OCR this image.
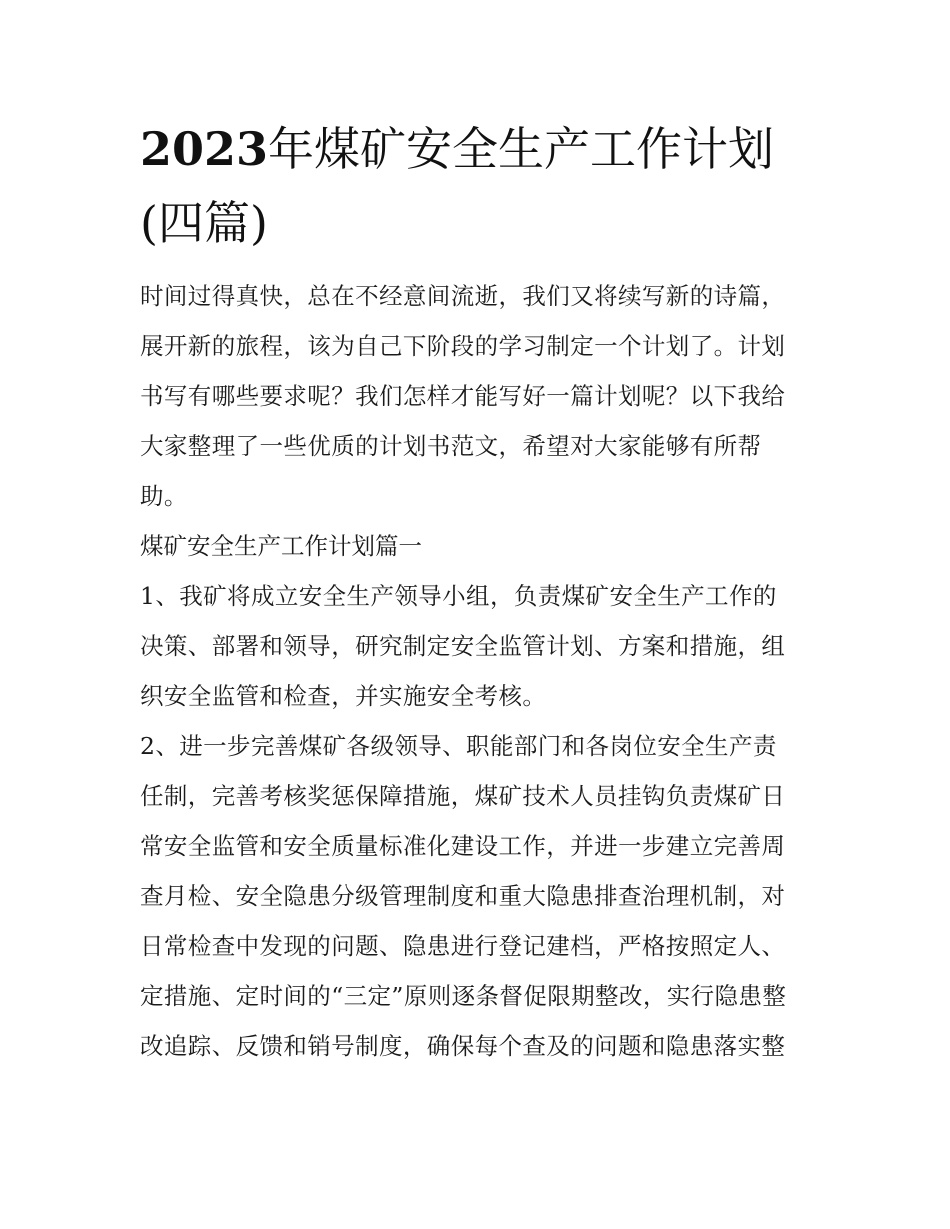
2023年煤矿安全生产工作计划
(四篇)

时间过得真快，总在不经意间流逝，我们又将续写新的诗篇，
展开新的旅程，该为自己下阶段的学习制定一个计划了。计划
书写有哪些要求呢？我们怎样才能写好一篇计划呢？以下我给
大家整理了一些优质的计划书范文，希望对大家能够有所帮
助。

煤矿安全生产工作计划篇一

1、我矿将成立安全生产领导小组，负责煤矿安全生产工作的
决策、部署和领导，研究制定安全监管计划、方案和措施，组
织安全监管和检查，并实施安全考核。

2、进一步完善煤矿各级领导、职能部门和各岗位安全生产责
任制，完善考核奖惩保障措施，煤矿技术人员挂钩负责煤矿日
常安全监管和安全质量标准化建设工作，并进一步建立完善周
查月检、安全隐患分级管理制度和重大隐患排查治理机制，对
日常检查中发现的问题、隐患进行登记建档，严格按照定人、
定措施、定时间的“三定”原则逐条督促限期整改，实行隐患整
改追踪、反馈和销号制度，确保每个查及的问题和隐患落实整
